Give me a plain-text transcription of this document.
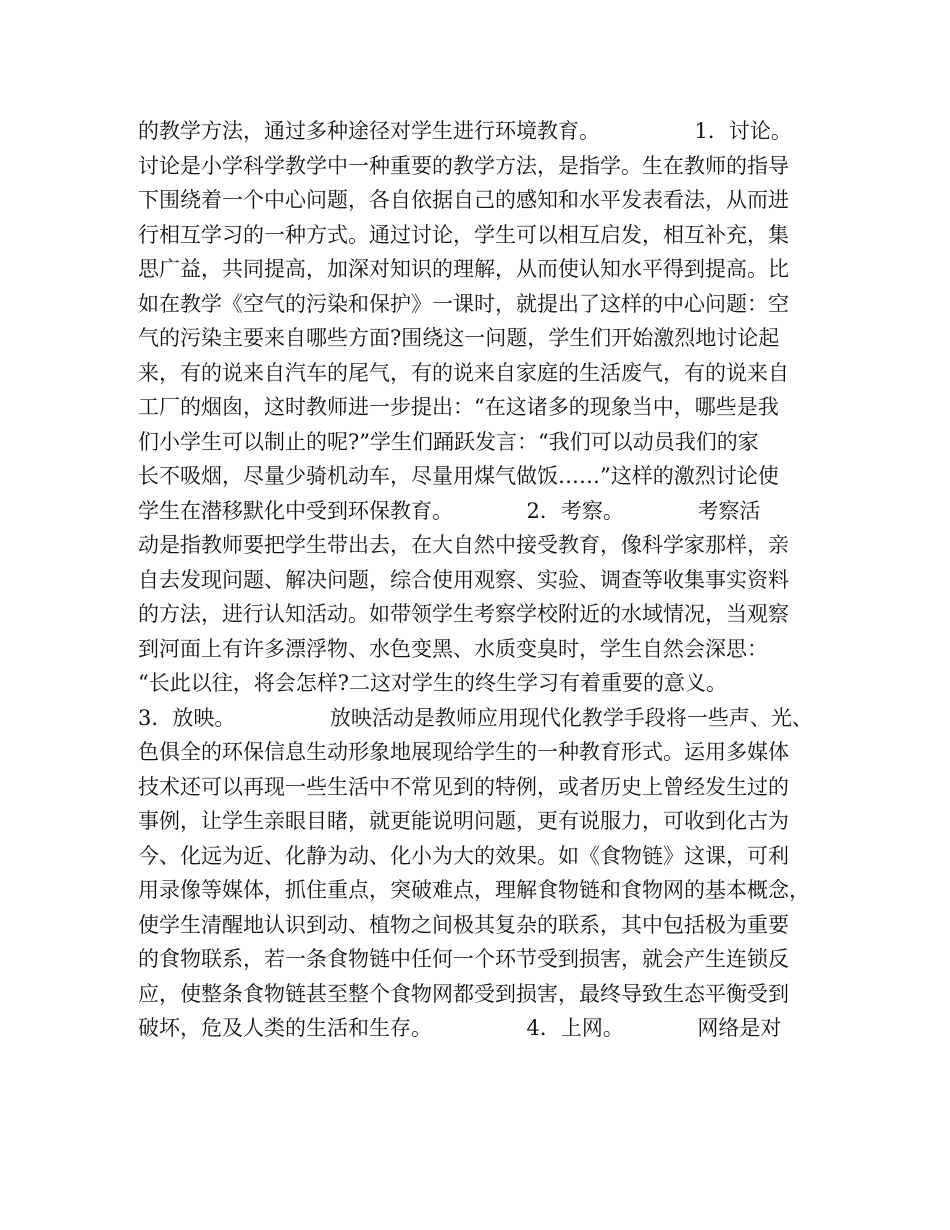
的教学方法，通过多种途径对学生进行环境教育。　　　　　1．讨论。
讨论是小学科学教学中一种重要的教学方法，是指学。生在教师的指导
下围绕着一个中心问题，各自依据自己的感知和水平发表看法，从而进
行相互学习的一种方式。通过讨论，学生可以相互启发，相互补充，集
思广益，共同提高，加深对知识的理解，从而使认知水平得到提高。比
如在教学《空气的污染和保护》一课时，就提出了这样的中心问题：空
气的污染主要来自哪些方面?围绕这一问题，学生们开始激烈地讨论起
来，有的说来自汽车的尾气，有的说来自家庭的生活废气，有的说来自
工厂的烟囱，这时教师进一步提出：“在这诸多的现象当中，哪些是我
们小学生可以制止的呢?”学生们踊跃发言：“我们可以动员我们的家
长不吸烟，尽量少骑机动车，尽量用煤气做饭……”这样的激烈讨论使
学生在潜移默化中受到环保教育。　　　　2．考察。　　　　考察活
动是指教师要把学生带出去，在大自然中接受教育，像科学家那样，亲
自去发现问题、解决问题，综合使用观察、实验、调查等收集事实资料
的方法，进行认知活动。如带领学生考察学校附近的水域情况，当观察
到河面上有许多漂浮物、水色变黑、水质变臭时，学生自然会深思：
“长此以往，将会怎样?二这对学生的终生学习有着重要的意义。
3．放映。　　　　　放映活动是教师应用现代化教学手段将一些声、光、
色俱全的环保信息生动形象地展现给学生的一种教育形式。运用多媒体
技术还可以再现一些生活中不常见到的特例，或者历史上曾经发生过的
事例，让学生亲眼目睹，就更能说明问题，更有说服力，可收到化古为
今、化远为近、化静为动、化小为大的效果。如《食物链》这课，可利
用录像等媒体，抓住重点，突破难点，理解食物链和食物网的基本概念，
使学生清醒地认识到动、植物之间极其复杂的联系，其中包括极为重要
的食物联系，若一条食物链中任何一个环节受到损害，就会产生连锁反
应，使整条食物链甚至整个食物网都受到损害，最终导致生态平衡受到
破坏，危及人类的生活和生存。　　　　　4．上网。　　　　网络是对
